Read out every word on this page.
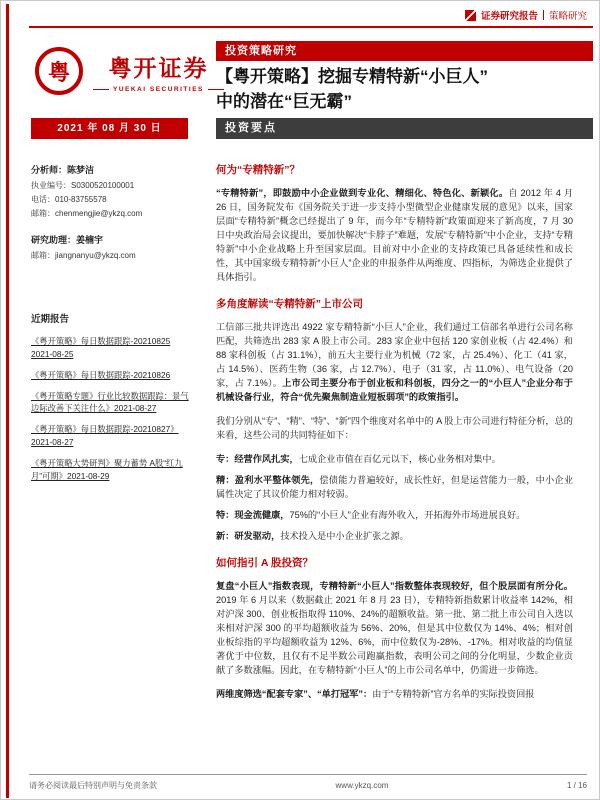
证券研究报告 策略研究
粤	粤开证券
YUEKAI SECURITIES
投资策略研究
【粤开策略】挖掘专精特新“小巨人”
中的潜在“巨无霸”
2021 年 08 月 30 日	投资要点
分析师：陈梦洁
执业编号：S0300520100001
电话：010-83755578
邮箱：chenmengjie@ykzq.com
研究助理：姜楠宇
邮箱：jiangnanyu@ykzq.com
近期报告
《粤开策略》每日数据跟踪-20210825 2021-08-25
《粤开策略》每日数据跟踪-20210826
《粤开策略专题》行业比较数据跟踪：景气边际改善下关注什么》2021-08-27
《粤开策略》每日数据跟踪-20210827》2021-08-27
《粤开策略大势研判》聚力蓄势 A股“红九月”可期》2021-08-29
何为“专精特新”？

“专精特新”，即鼓励中小企业做到专业化、精细化、特色化、新颖化。自 2012 年 4 月 26 日，国务院发布《国务院关于进一步支持小型微型企业健康发展的意见》以来，国家层面“专精特新”概念已经提出了 9 年，而今年“专精特新”政策面迎来了新高度，7 月 30 日中央政治局会议提出，要加快解决“卡脖子”难题，发展“专精特新”中小企业，支持“专精特新”中小企业战略上升至国家层面。目前对中小企业的支持政策已具备延续性和成长性，其中国家级专精特新“小巨人”企业的申报条件从两维度、四指标，为筛选企业提供了具体指引。

多角度解读“专精特新”上市公司

工信部三批共评选出 4922 家专精特新“小巨人”企业，我们通过工信部名单进行公司名称匹配，共筛选出 283 家 A 股上市公司。283 家企业中包括 120 家创业板（占 42.4%）和 88 家科创板（占 31.1%），前五大主要行业为机械（72 家，占 25.4%）、化工（41 家，占 14.5%）、医药生物（36 家，占 12.7%）、电子（31 家，占 11.0%）、电气设备（20 家，占 7.1%）。上市公司主要分布于创业板和科创板，四分之一的“小巨人”企业分布于机械设备行业，符合“优先聚焦制造业短板弱项”的政策指引。

我们分别从“专”、“精”、“特”、“新”四个维度对名单中的 A 股上市公司进行特征分析，总的来看，这些公司的共同特征如下：

专：经营作风扎实，七成企业市值在百亿元以下，核心业务相对集中。

精：盈利水平整体领先，偿债能力普遍较好，成长性好，但是运营能力一般，中小企业属性决定了其议价能力相对较弱。

特：现金流健康，75%的“小巨人”企业有海外收入，开拓海外市场进展良好。

新：研发驱动，技术投入是中小企业扩张之源。

如何指引 A 股投资？

复盘“小巨人”指数表现，专精特新“小巨人”指数整体表现较好，但个股层面有所分化。2019 年 6 月以来（数据截止 2021 年 8 月 23 日），专精特新指数累计收益率 142%，相对沪深 300、创业板指取得 110%、24%的超额收益。第一批、第二批上市公司自入选以来相对沪深 300 的平均超额收益为 56%、20%，但是其中位数仅为 14%、4%；相对创业板综指的平均超额收益为 12%、6%，而中位数仅为-28%、-17%。相对收益的均值显著优于中位数，且仅有不足半数公司跑赢指数，表明公司之间的分化明显，少数企业贡献了多数涨幅。因此，在专精特新“小巨人”的上市公司名单中，仍需进一步筛选。

两维度筛选“配套专家”、“单打冠军”：由于“专精特新”官方名单的实际投资回报

请务必阅读最后特别声明与免责条款	www.ykzq.com	1 / 16
